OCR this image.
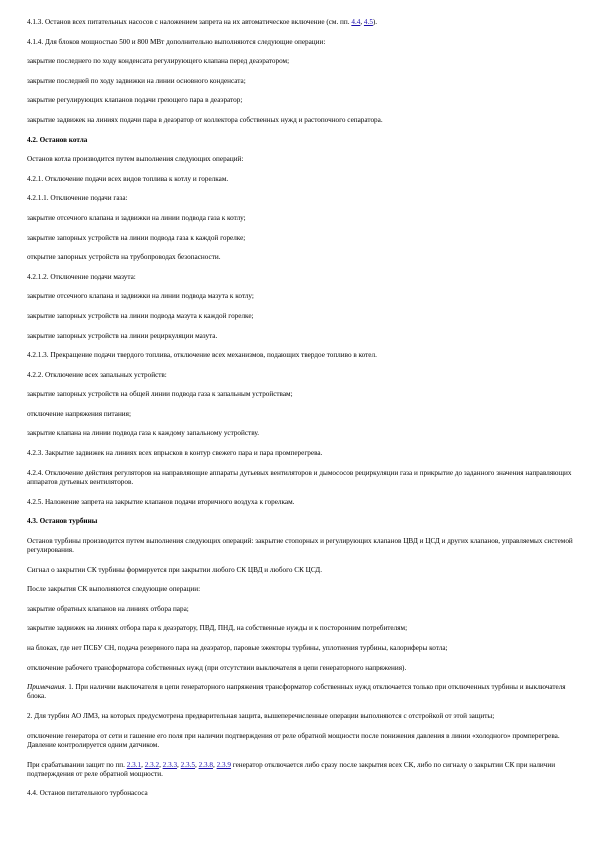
4.1.3. Останов всех питательных насосов с наложением запрета на их автоматическое включение (см. пп. 4.4, 4.5).

4.1.4. Для блоков мощностью 500 и 800 МВт дополнительно выполняются следующие операции:

закрытие последнего по ходу конденсата регулирующего клапана перед деаэратором;

закрытие последней по ходу задвижки на линии основного конденсата;

закрытие регулирующих клапанов подачи греющего пара в деаэратор;

закрытие задвижек на линиях подачи пара в деаэратор от коллектора собственных нужд и растопочного сепаратора.

4.2. Останов котла

Останов котла производится путем выполнения следующих операций:

4.2.1. Отключение подачи всех видов топлива к котлу и горелкам.

4.2.1.1. Отключение подачи газа:

закрытие отсечного клапана и задвижки на линии подвода газа к котлу;

закрытие запорных устройств на линии подвода газа к каждой горелке;

открытие запорных устройств на трубопроводах безопасности.

4.2.1.2. Отключение подачи мазута:

закрытие отсечного клапана и задвижки на линии подвода мазута к котлу;

закрытие запорных устройств на линии подвода мазута к каждой горелке;

закрытие запорных устройств на линии рециркуляции мазута.

4.2.1.3. Прекращение подачи твердого топлива, отключение всех механизмов, подающих твердое топливо в котел.

4.2.2. Отключение всех запальных устройств:

закрытие запорных устройств на общей линии подвода газа к запальным устройствам;

отключение напряжения питания;

закрытие клапана на линии подвода газа к каждому запальному устройству.

4.2.3. Закрытие задвижек на линиях всех впрысков в контур свежего пара и пара промперегрева.

4.2.4. Отключение действия регуляторов на направляющие аппараты дутьевых вентиляторов и дымососов рециркуляции газа и прикрытие до заданного значения направляющих аппаратов дутьевых вентиляторов.

4.2.5. Наложение запрета на закрытие клапанов подачи вторичного воздуха к горелкам.

4.3. Останов турбины

Останов турбины производится путем выполнения следующих операций: закрытие стопорных и регулирующих клапанов ЦВД и ЦСД и других клапанов, управляемых системой регулирования.

Сигнал о закрытии СК турбины формируется при закрытии любого СК ЦВД и любого СК ЦСД.

После закрытия СК выполняются следующие операции:

закрытие обратных клапанов на линиях отбора пара;

закрытие задвижек на линиях отбора пара к деаэратору, ПВД, ПНД, на собственные нужды и к посторонним потребителям;

на блоках, где нет ПСБУ СН, подача резервного пара на деаэратор, паровые эжекторы турбины, уплотнения турбины, калориферы котла;

отключение рабочего трансформатора собственных нужд (при отсутствии выключателя в цепи генераторного напряжения).

Примечания. 1. При наличии выключателя в цепи генераторного напряжения трансформатор собственных нужд отключается только при отключенных турбины и выключателя блока.

2. Для турбин АО ЛМЗ, на которых предусмотрена предварительная защита, вышеперечисленные операции выполняются с отстройкой от этой защиты;

отключение генератора от сети и гашение его поля при наличии подтверждения от реле обратной мощности после понижения давления в линии «холодного» промперегрева. Давление контролируется одним датчиком.

При срабатывании защит по пп. 2.3.1, 2.3.2, 2.3.3, 2.3.5, 2.3.8, 2.3.9 генератор отключается либо сразу после закрытия всех СК, либо по сигналу о закрытии СК при наличии подтверждения от реле обратной мощности.

4.4. Останов питательного турбонасоса
